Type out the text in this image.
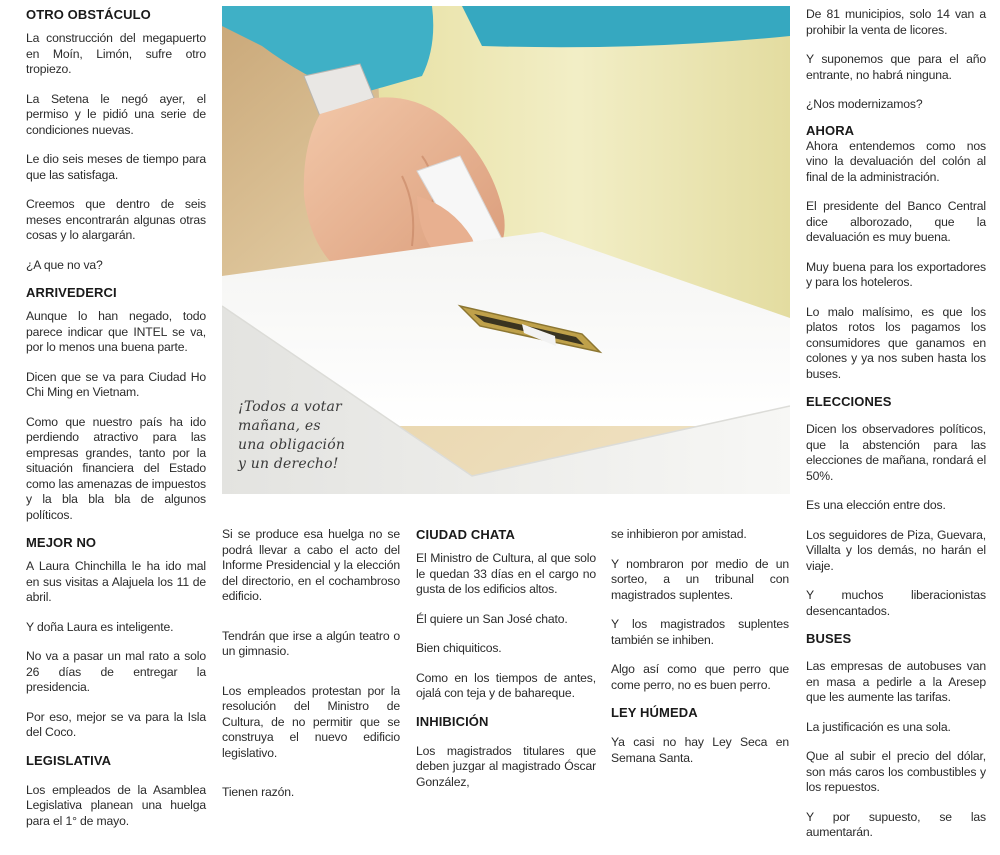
OTRO OBSTÁCULO

La construcción del megapuerto en Moín, Limón, sufre otro tropiezo.

La Setena le negó ayer, el permiso y le pidió una serie de condiciones nuevas.

Le dio seis meses de tiempo para que las satisfaga.

Creemos que dentro de seis meses encontrarán algunas otras cosas y lo alargarán.

¿A que no va?

ARRIVEDERCI

Aunque lo han negado, todo parece indicar que INTEL se va, por lo menos una buena parte.

Dicen que se va para Ciudad Ho Chi Ming en Vietnam.

Como que nuestro país ha ido perdiendo atractivo para las empresas grandes, tanto por la situación financiera del Estado como las amenazas de impuestos y la bla bla bla de algunos políticos.

MEJOR NO

A Laura Chinchilla le ha ido mal en sus visitas a Alajuela los 11 de abril.

Y doña Laura es inteligente.

No va a pasar un mal rato a solo 26 días de entregar la presidencia.

Por eso, mejor se va para la Isla del Coco.

LEGISLATIVA

Los empleados de la Asamblea Legislativa planean una huelga para el 1° de mayo.

¡Todos a votar
mañana, es
una obligación
y un derecho!

Si se produce esa huelga no se podrá llevar a cabo el acto del Informe Presidencial y la elección del directorio, en el cochambroso edificio.

Tendrán que irse a algún teatro o un gimnasio.

Los empleados protestan por la resolución del Ministro de Cultura, de no permitir que se construya el nuevo edificio legislativo.

Tienen razón.

CIUDAD CHATA

El Ministro de Cultura, al que solo le quedan 33 días en el cargo no gusta de los edificios altos.

Él quiere un San José chato.

Bien chiquiticos.

Como en los tiempos de antes, ojalá con teja y de bahareque.

INHIBICIÓN

Los magistrados titulares que deben juzgar al magistrado Óscar González,

se inhibieron por amistad.

Y nombraron por medio de un sorteo, a un tribunal con magistrados suplentes.

Y los magistrados suplentes también se inhiben.

Algo así como que perro que come perro, no es buen perro.

LEY HÚMEDA

Ya casi no hay Ley Seca en Semana Santa.

De 81 municipios, solo 14 van a prohibir la venta de licores.

Y suponemos que para el año entrante, no habrá ninguna.

¿Nos modernizamos?

AHORA

Ahora entendemos como nos vino la devaluación del colón al final de la administración.

El presidente del Banco Central dice alborozado, que la devaluación es muy buena.

Muy buena para los exportadores y para los hoteleros.

Lo malo malísimo, es que los platos rotos los pagamos los consumidores que ganamos en colones y ya nos suben hasta los buses.

ELECCIONES

Dicen los observadores políticos, que la abstención para las elecciones de mañana, rondará el 50%.

Es una elección entre dos.

Los seguidores de Piza, Guevara, Villalta y los demás, no harán el viaje.

Y muchos liberacionistas desencantados.

BUSES

Las empresas de autobuses van en masa a pedirle a la Aresep que les aumente las tarifas.

La justificación es una sola.

Que al subir el precio del dólar, son más caros los combustibles y los repuestos.

Y por supuesto, se las aumentarán.
